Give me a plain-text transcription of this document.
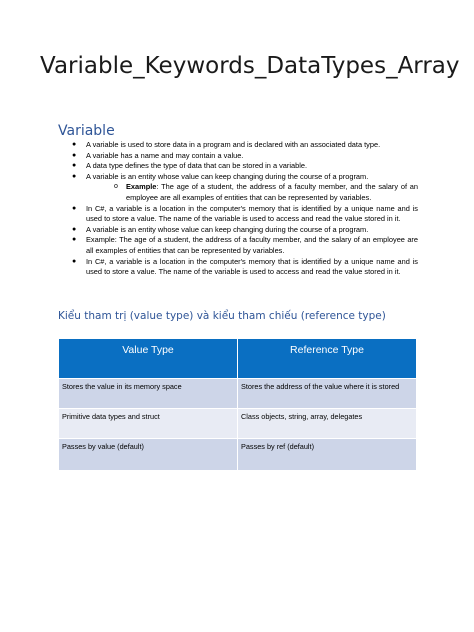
Variable_Keywords_DataTypes_Array
Variable
● A variable is used to store data in a program and is declared with an associated data type.
● A variable has a name and may contain a value.
● A data type defines the type of data that can be stored in a variable.
● A variable is an entity whose value can keep changing during the course of a program.
o Example: The age of a student, the address of a faculty member, and the salary of an employee are all examples of entities that can be represented by variables.
● In C#, a variable is a location in the computer's memory that is identified by a unique name and is used to store a value. The name of the variable is used to access and read the value stored in it.
● A variable is an entity whose value can keep changing during the course of a program.
● Example: The age of a student, the address of a faculty member, and the salary of an employee are all examples of entities that can be represented by variables.
● In C#, a variable is a location in the computer's memory that is identified by a unique name and is used to store a value. The name of the variable is used to access and read the value stored in it.
Kiểu tham trị (value type) và kiểu tham chiếu (reference type)
Value Type	Reference Type
Stores the value in its memory space	Stores the address of the value where it is stored
Primitive data types and struct	Class objects, string, array, delegates
Passes by value (default)	Passes by ref (default)
